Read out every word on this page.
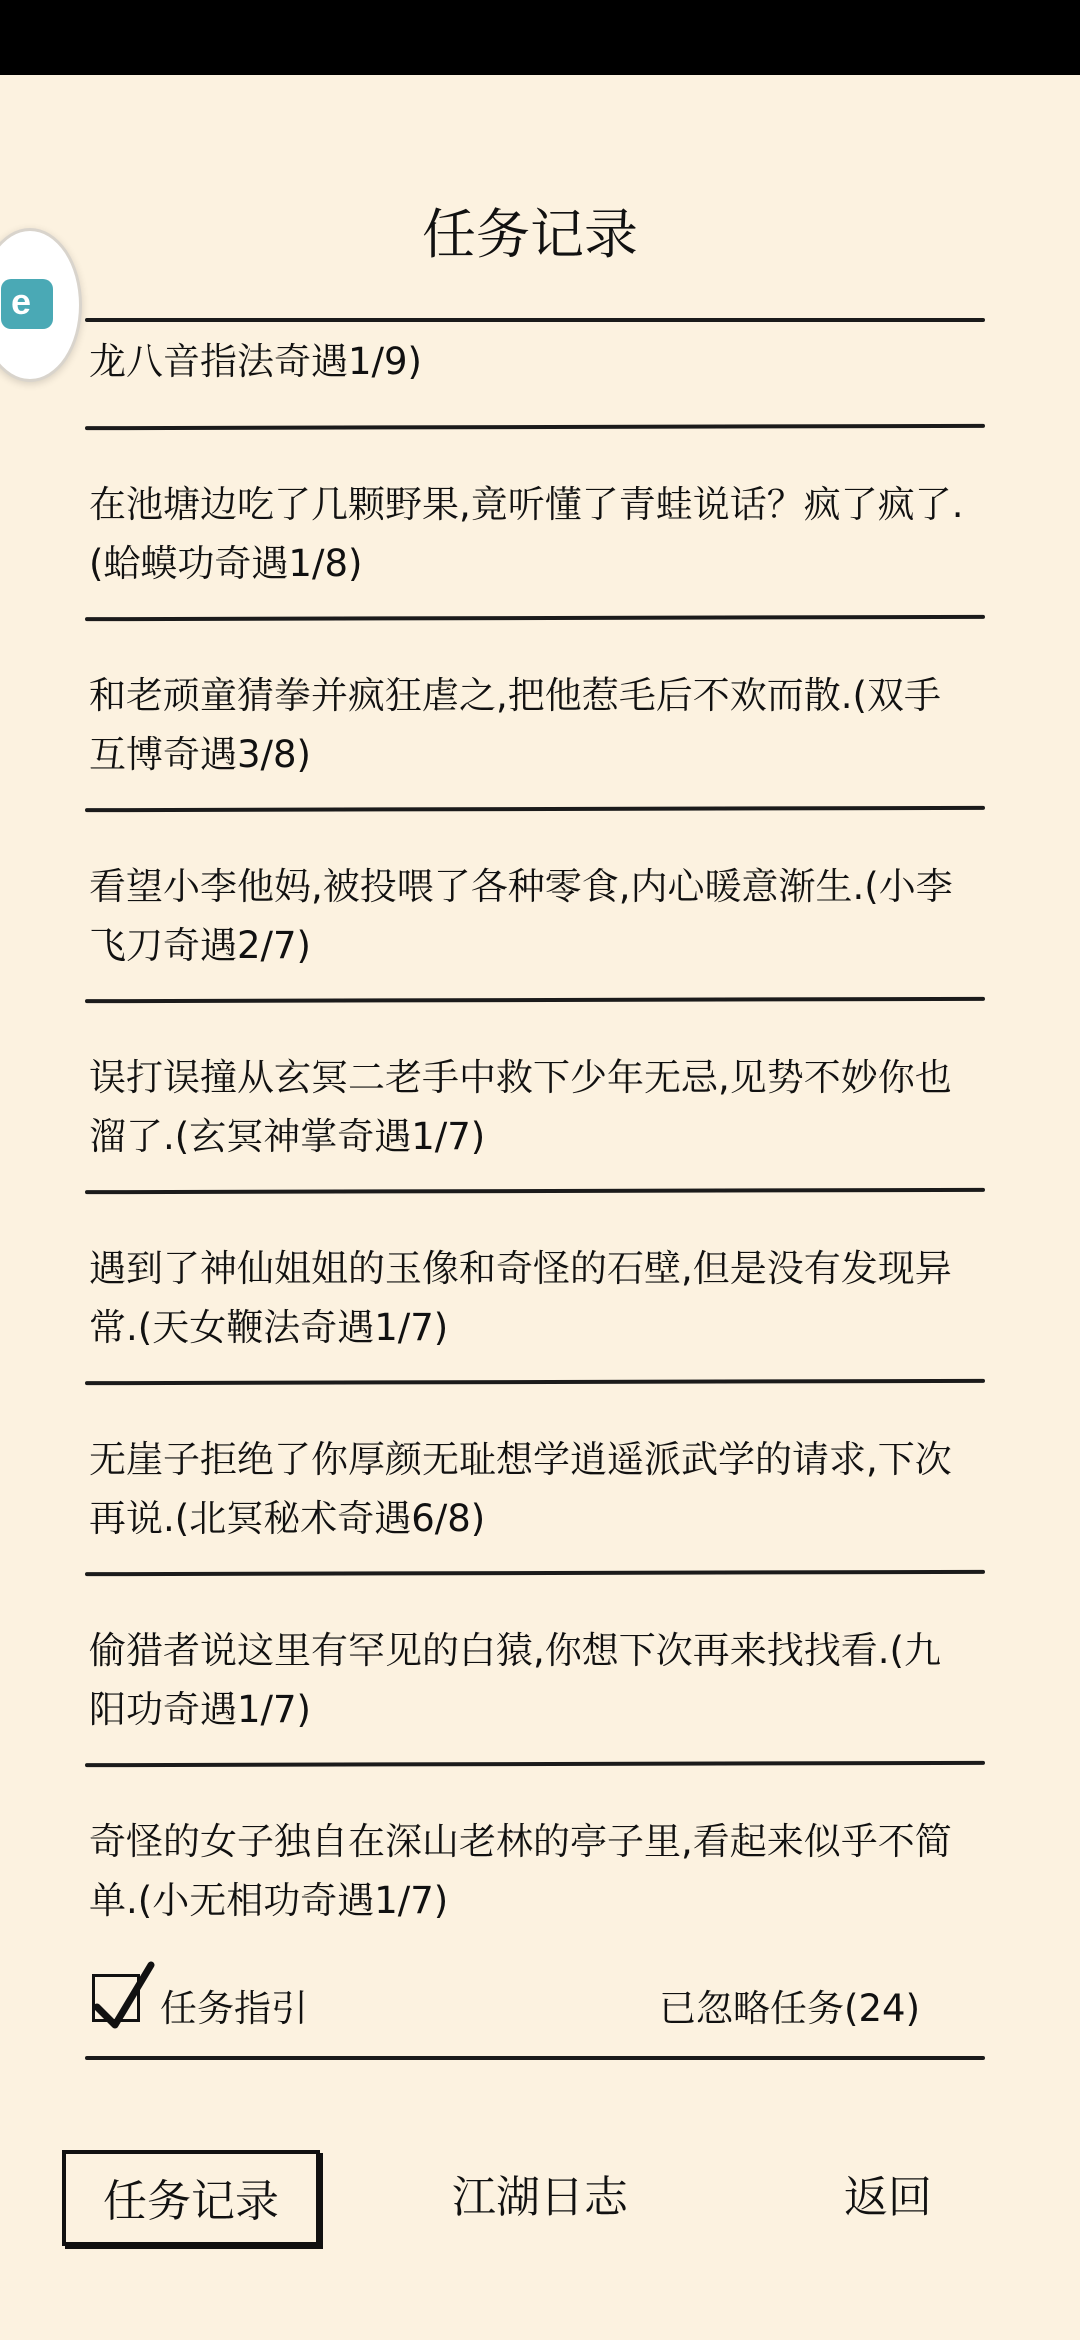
任务记录
e
龙八音指法奇遇1/9)
在池塘边吃了几颗野果,竟听懂了青蛙说话？疯了疯了.(蛤蟆功奇遇1/8)
和老顽童猜拳并疯狂虐之,把他惹毛后不欢而散.(双手互博奇遇3/8)
看望小李他妈,被投喂了各种零食,内心暖意渐生.(小李飞刀奇遇2/7)
误打误撞从玄冥二老手中救下少年无忌,见势不妙你也溜了.(玄冥神掌奇遇1/7)
遇到了神仙姐姐的玉像和奇怪的石壁,但是没有发现异常.(天女鞭法奇遇1/7)
无崖子拒绝了你厚颜无耻想学逍遥派武学的请求,下次再说.(北冥秘术奇遇6/8)
偷猎者说这里有罕见的白猿,你想下次再来找找看.(九阳功奇遇1/7)
奇怪的女子独自在深山老林的亭子里,看起来似乎不简单.(小无相功奇遇1/7)
任务指引	已忽略任务(24)
任务记录	江湖日志	返回
